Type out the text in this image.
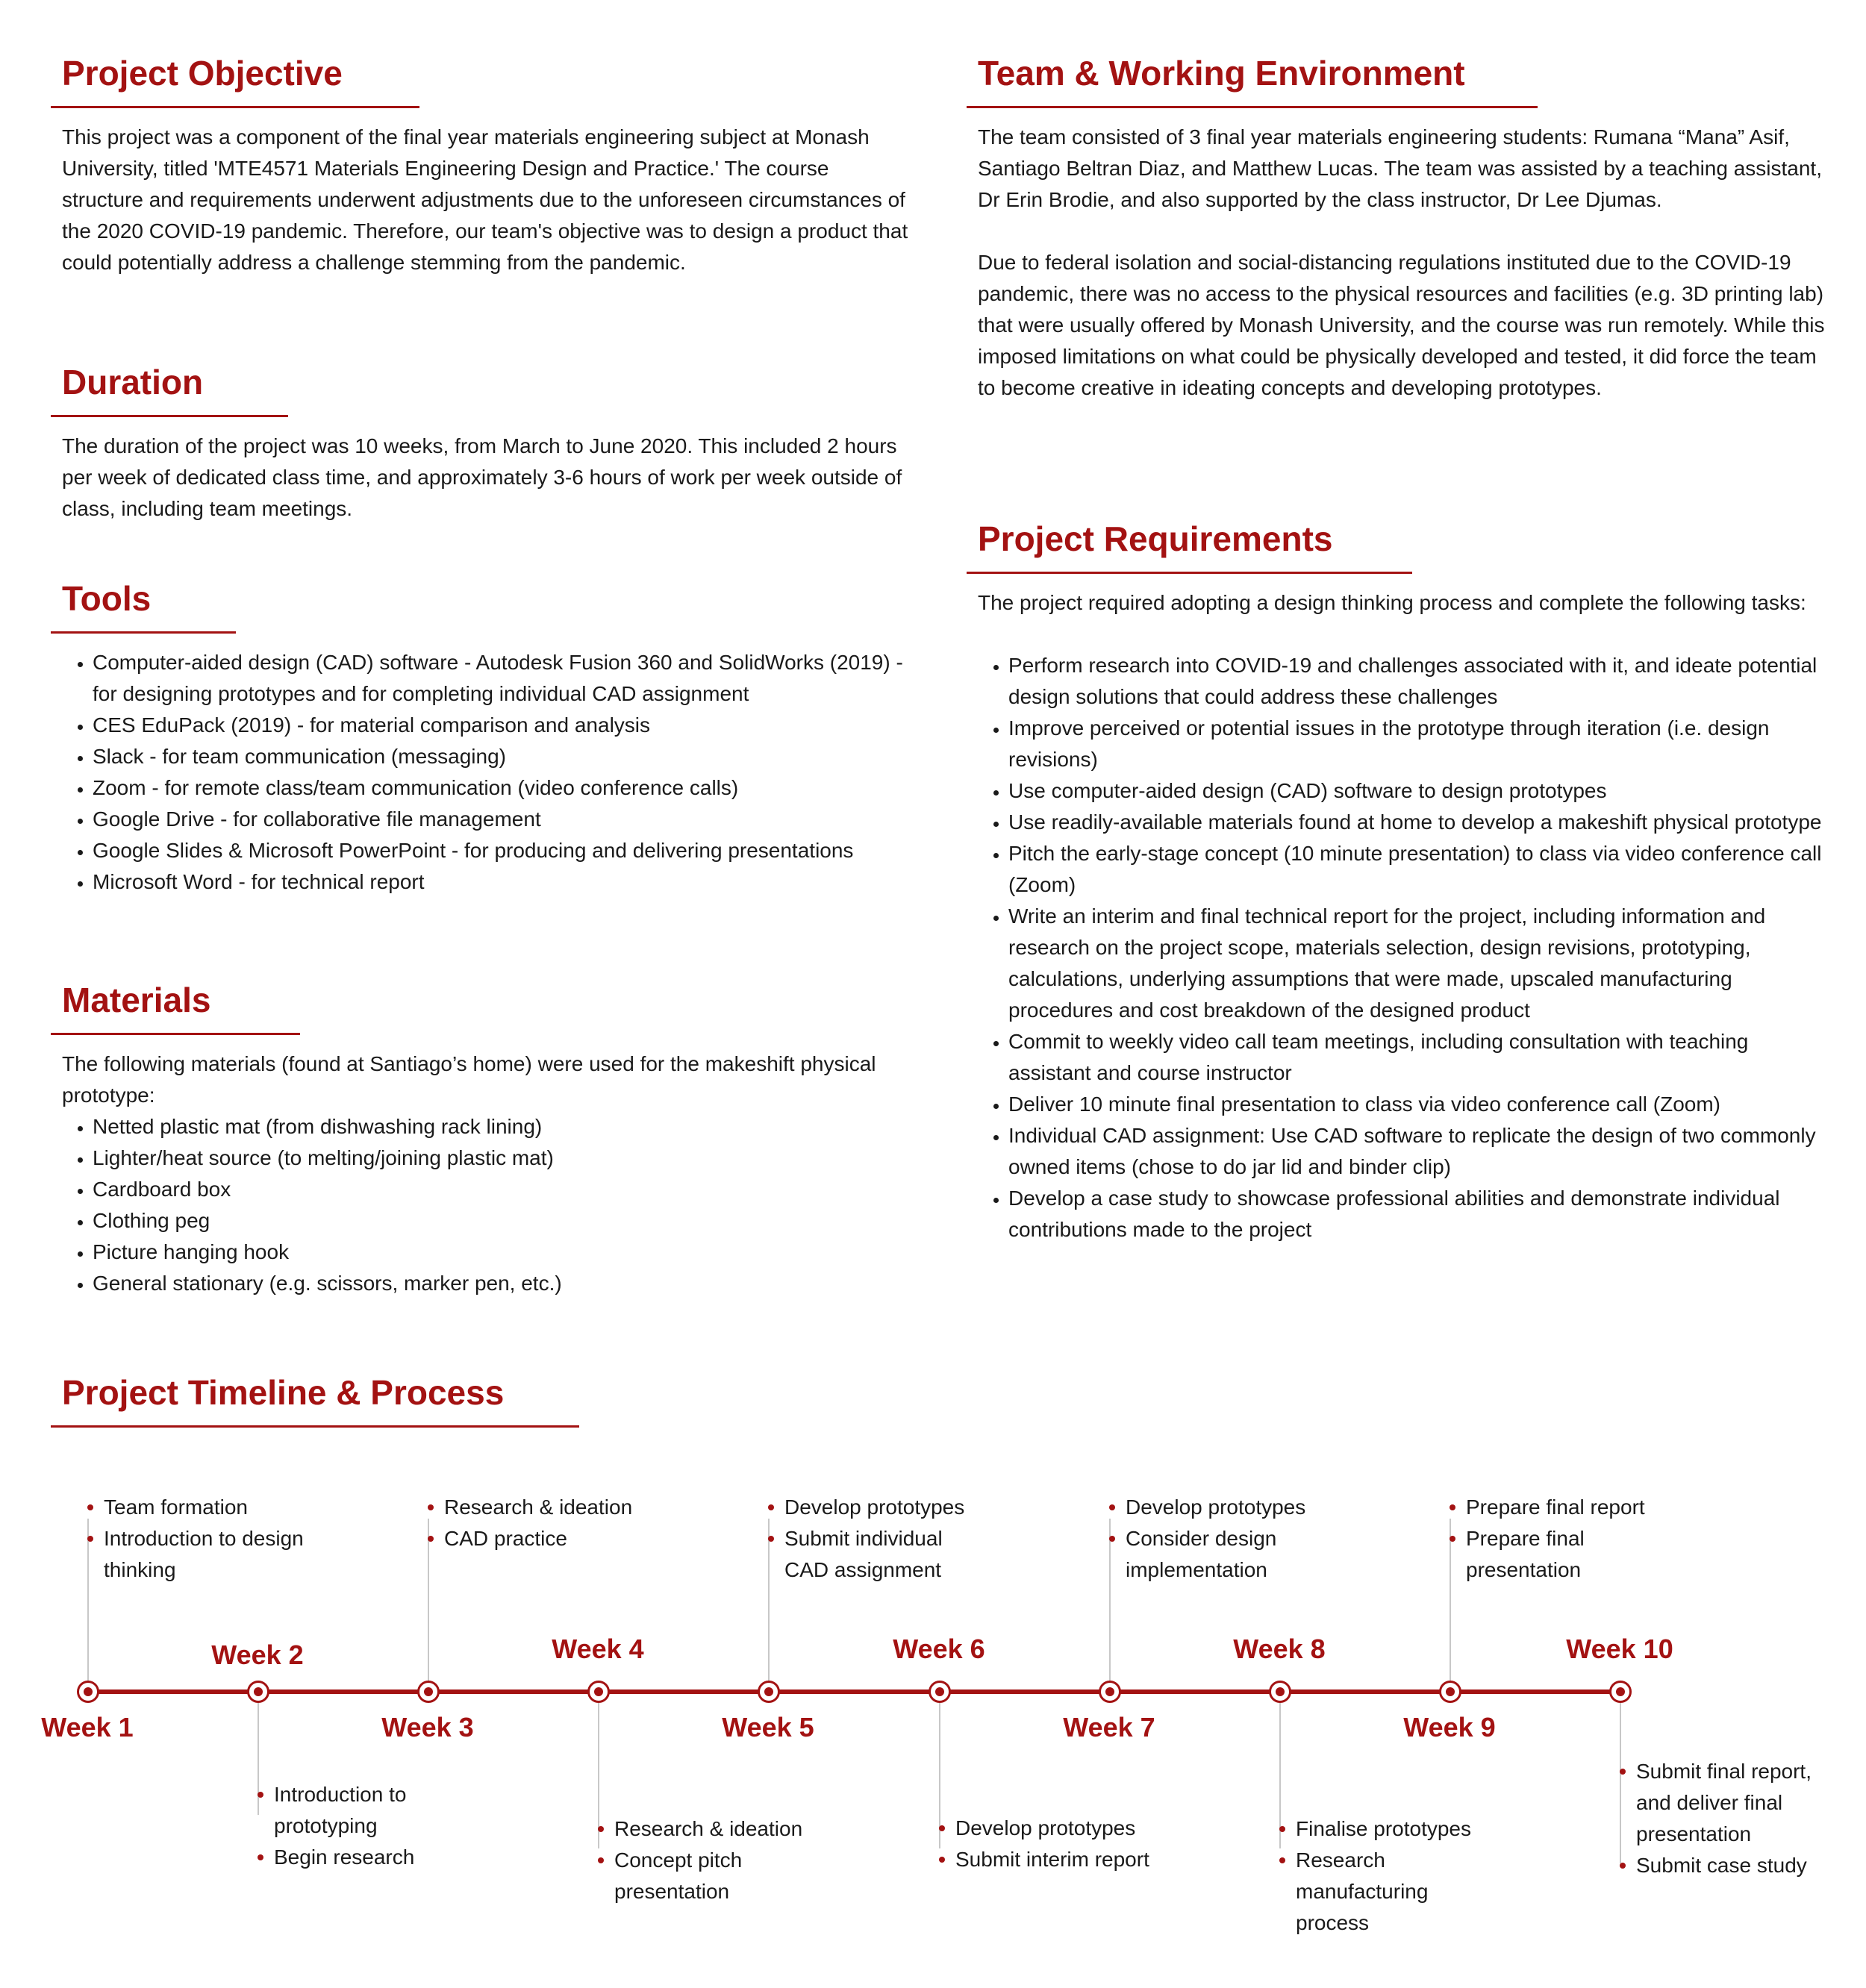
Project Objective

This project was a component of the final year materials engineering subject at Monash University, titled 'MTE4571 Materials Engineering Design and Practice.' The course structure and requirements underwent adjustments due to the unforeseen circumstances of the 2020 COVID-19 pandemic. Therefore, our team's objective was to design a product that could potentially address a challenge stemming from the pandemic.

Duration

The duration of the project was 10 weeks, from March to June 2020. This included 2 hours per week of dedicated class time, and approximately 3-6 hours of work per week outside of class, including team meetings.

Tools
• Computer-aided design (CAD) software - Autodesk Fusion 360 and SolidWorks (2019) - for designing prototypes and for completing individual CAD assignment
• CES EduPack (2019) - for material comparison and analysis
• Slack - for team communication (messaging)
• Zoom - for remote class/team communication (video conference calls)
• Google Drive - for collaborative file management
• Google Slides & Microsoft PowerPoint - for producing and delivering presentations
• Microsoft Word - for technical report
Materials

The following materials (found at Santiago’s home) were used for the makeshift physical prototype:

• Netted plastic mat (from dishwashing rack lining)
• Lighter/heat source (to melting/joining plastic mat)
• Cardboard box
• Clothing peg
• Picture hanging hook
• General stationary (e.g. scissors, marker pen, etc.)
Team & Working Environment

The team consisted of 3 final year materials engineering students: Rumana “Mana” Asif, Santiago Beltran Diaz, and Matthew Lucas. The team was assisted by a teaching assistant, Dr Erin Brodie, and also supported by the class instructor, Dr Lee Djumas.

Due to federal isolation and social-distancing regulations instituted due to the COVID-19 pandemic, there was no access to the physical resources and facilities (e.g. 3D printing lab) that were usually offered by Monash University, and the course was run remotely. While this imposed limitations on what could be physically developed and tested, it did force the team to become creative in ideating concepts and developing prototypes.

Project Requirements

The project required adopting a design thinking process and complete the following tasks:

• Perform research into COVID-19 and challenges associated with it, and ideate potential design solutions that could address these challenges
• Improve perceived or potential issues in the prototype through iteration (i.e. design revisions)
• Use computer-aided design (CAD) software to design prototypes
• Use readily-available materials found at home to develop a makeshift physical prototype
• Pitch the early-stage concept (10 minute presentation) to class via video conference call (Zoom)
• Write an interim and final technical report for the project, including information and research on the project scope, materials selection, design revisions, prototyping, calculations, underlying assumptions that were made, upscaled manufacturing procedures and cost breakdown of the designed product
• Commit to weekly video call team meetings, including consultation with teaching assistant and course instructor
• Deliver 10 minute final presentation to class via video conference call (Zoom)
• Individual CAD assignment: Use CAD software to replicate the design of two commonly owned items (chose to do jar lid and binder clip)
• Develop a case study to showcase professional abilities and demonstrate individual contributions made to the project
Project Timeline & Process
Week 1
Week 2
Week 3
Week 4
Week 5
Week 6
Week 7
Week 8
Week 9
Week 10
Team formation
Introduction to design thinking
Research & ideation
CAD practice
Develop prototypes
Submit individual CAD assignment
Develop prototypes
Consider design implementation
Prepare final report
Prepare final presentation
Introduction to prototyping
Begin research
Research & ideation
Concept pitch presentation
Develop prototypes
Submit interim report
Finalise prototypes
Research manufacturing process
Submit final report, and deliver final presentation
Submit case study
